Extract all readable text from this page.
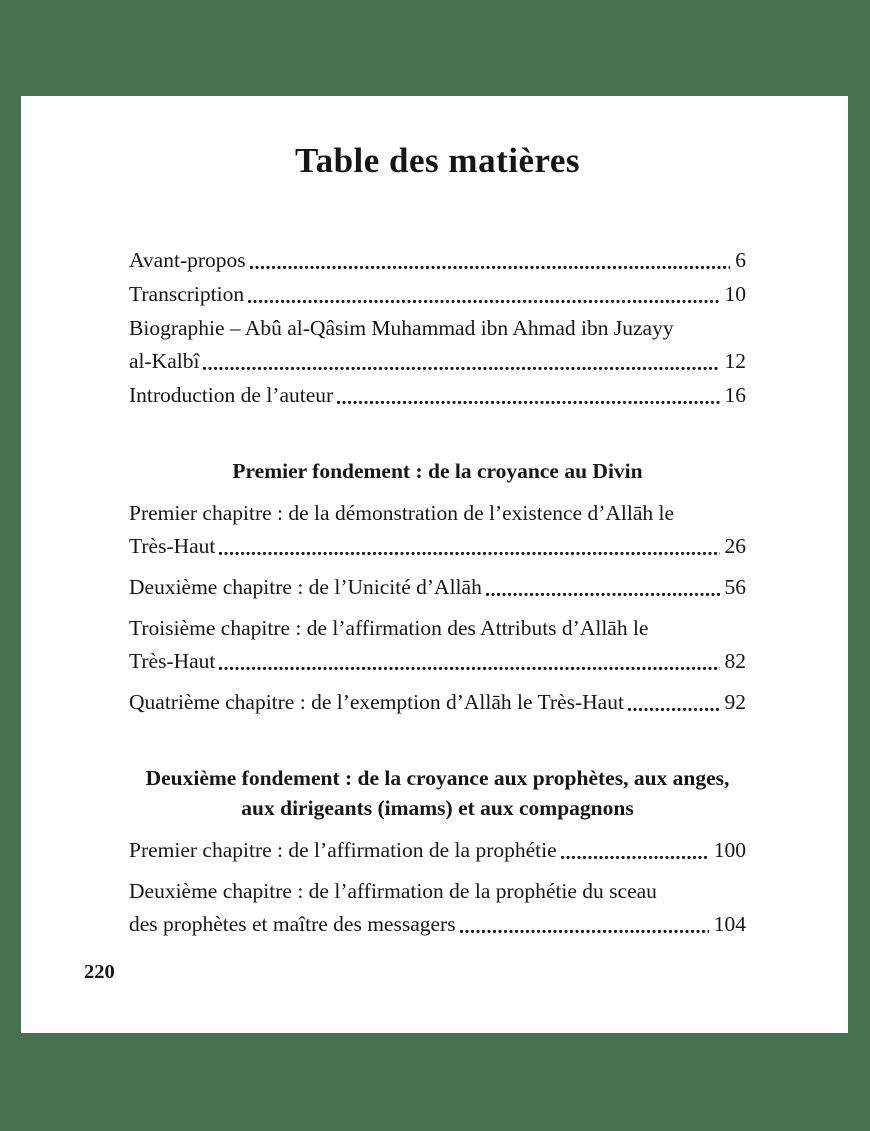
Table des matières
Avant-propos	6
Transcription	10
Biographie – Abû al-Qâsim Muhammad ibn Ahmad ibn Juzayy
al-Kalbî	12
Introduction de l’auteur	16
Premier fondement : de la croyance au Divin
Premier chapitre : de la démonstration de l’existence d’Allāh le
Très-Haut	26
Deuxième chapitre : de l’Unicité d’Allāh	56
Troisième chapitre : de l’affirmation des Attributs d’Allāh le
Très-Haut	82
Quatrième chapitre : de l’exemption d’Allāh le Très-Haut	92
Deuxième fondement : de la croyance aux prophètes, aux anges,
aux dirigeants (imams) et aux compagnons
Premier chapitre : de l’affirmation de la prophétie	100
Deuxième chapitre : de l’affirmation de la prophétie du sceau
des prophètes et maître des messagers	104
220
